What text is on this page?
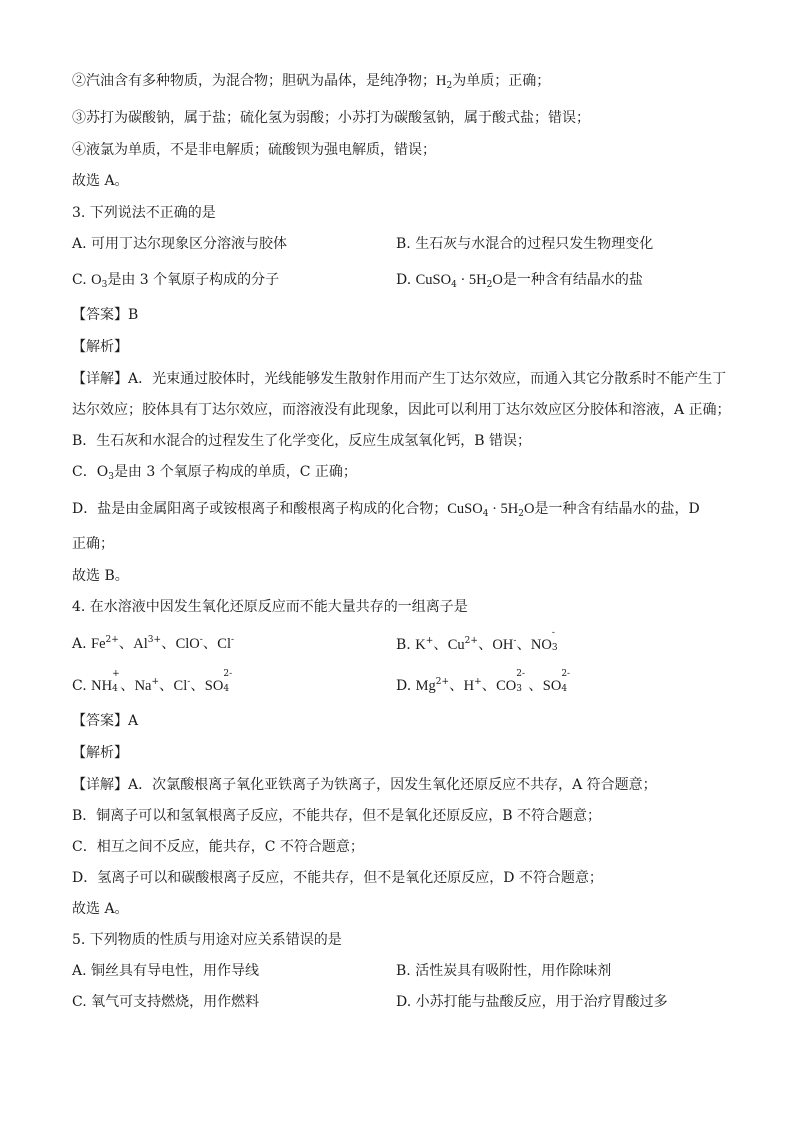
②汽油含有多种物质，为混合物；胆矾为晶体，是纯净物；$H_2$为单质；正确；
③苏打为碳酸钠，属于盐；硫化氢为弱酸；小苏打为碳酸氢钠，属于酸式盐；错误；
④液氯为单质，不是非电解质；硫酸钡为强电解质，错误；
故选 A。
3. 下列说法不正确的是
A. 可用丁达尔现象区分溶液与胶体	B. 生石灰与水混合的过程只发生物理变化
C. $O_3$是由 3 个氧原子构成的分子	D. CuSO$_4$ · $5H_2O$是一种含有结晶水的盐
【答案】B
【解析】
【详解】A．光束通过胶体时，光线能够发生散射作用而产生丁达尔效应，而通入其它分散系时不能产生丁
达尔效应；胶体具有丁达尔效应，而溶液没有此现象，因此可以利用丁达尔效应区分胶体和溶液，A 正确；
B．生石灰和水混合的过程发生了化学变化，反应生成氢氧化钙，B 错误；
C．$O_3$是由 3 个氧原子构成的单质，C 正确；
D．盐是由金属阳离子或铵根离子和酸根离子构成的化合物；CuSO$_4$ · $5H_2O$是一种含有结晶水的盐，D
正确；
故选 B。
4. 在水溶液中因发生氧化还原反应而不能大量共存的一组离子是
A. $Fe^{2+}$、$Al^{3+}$、ClO-、Cl-	B. K+、$Cu^{2+}$、OH-、NO
-
3
C. NH
+
4 、Na+、Cl-、SO
2-
4	D. $Mg^{2+}$、H+、CO
2-
3 、SO
2-
4
【答案】A
【解析】
【详解】A．次氯酸根离子氧化亚铁离子为铁离子，因发生氧化还原反应不共存，A 符合题意；
B．铜离子可以和氢氧根离子反应，不能共存，但不是氧化还原反应，B 不符合题意；
C．相互之间不反应，能共存，C 不符合题意；
D．氢离子可以和碳酸根离子反应，不能共存，但不是氧化还原反应，D 不符合题意；
故选 A。
5. 下列物质的性质与用途对应关系错误的是
A. 铜丝具有导电性，用作导线	B. 活性炭具有吸附性，用作除味剂
C. 氧气可支持燃烧，用作燃料	D. 小苏打能与盐酸反应，用于治疗胃酸过多
